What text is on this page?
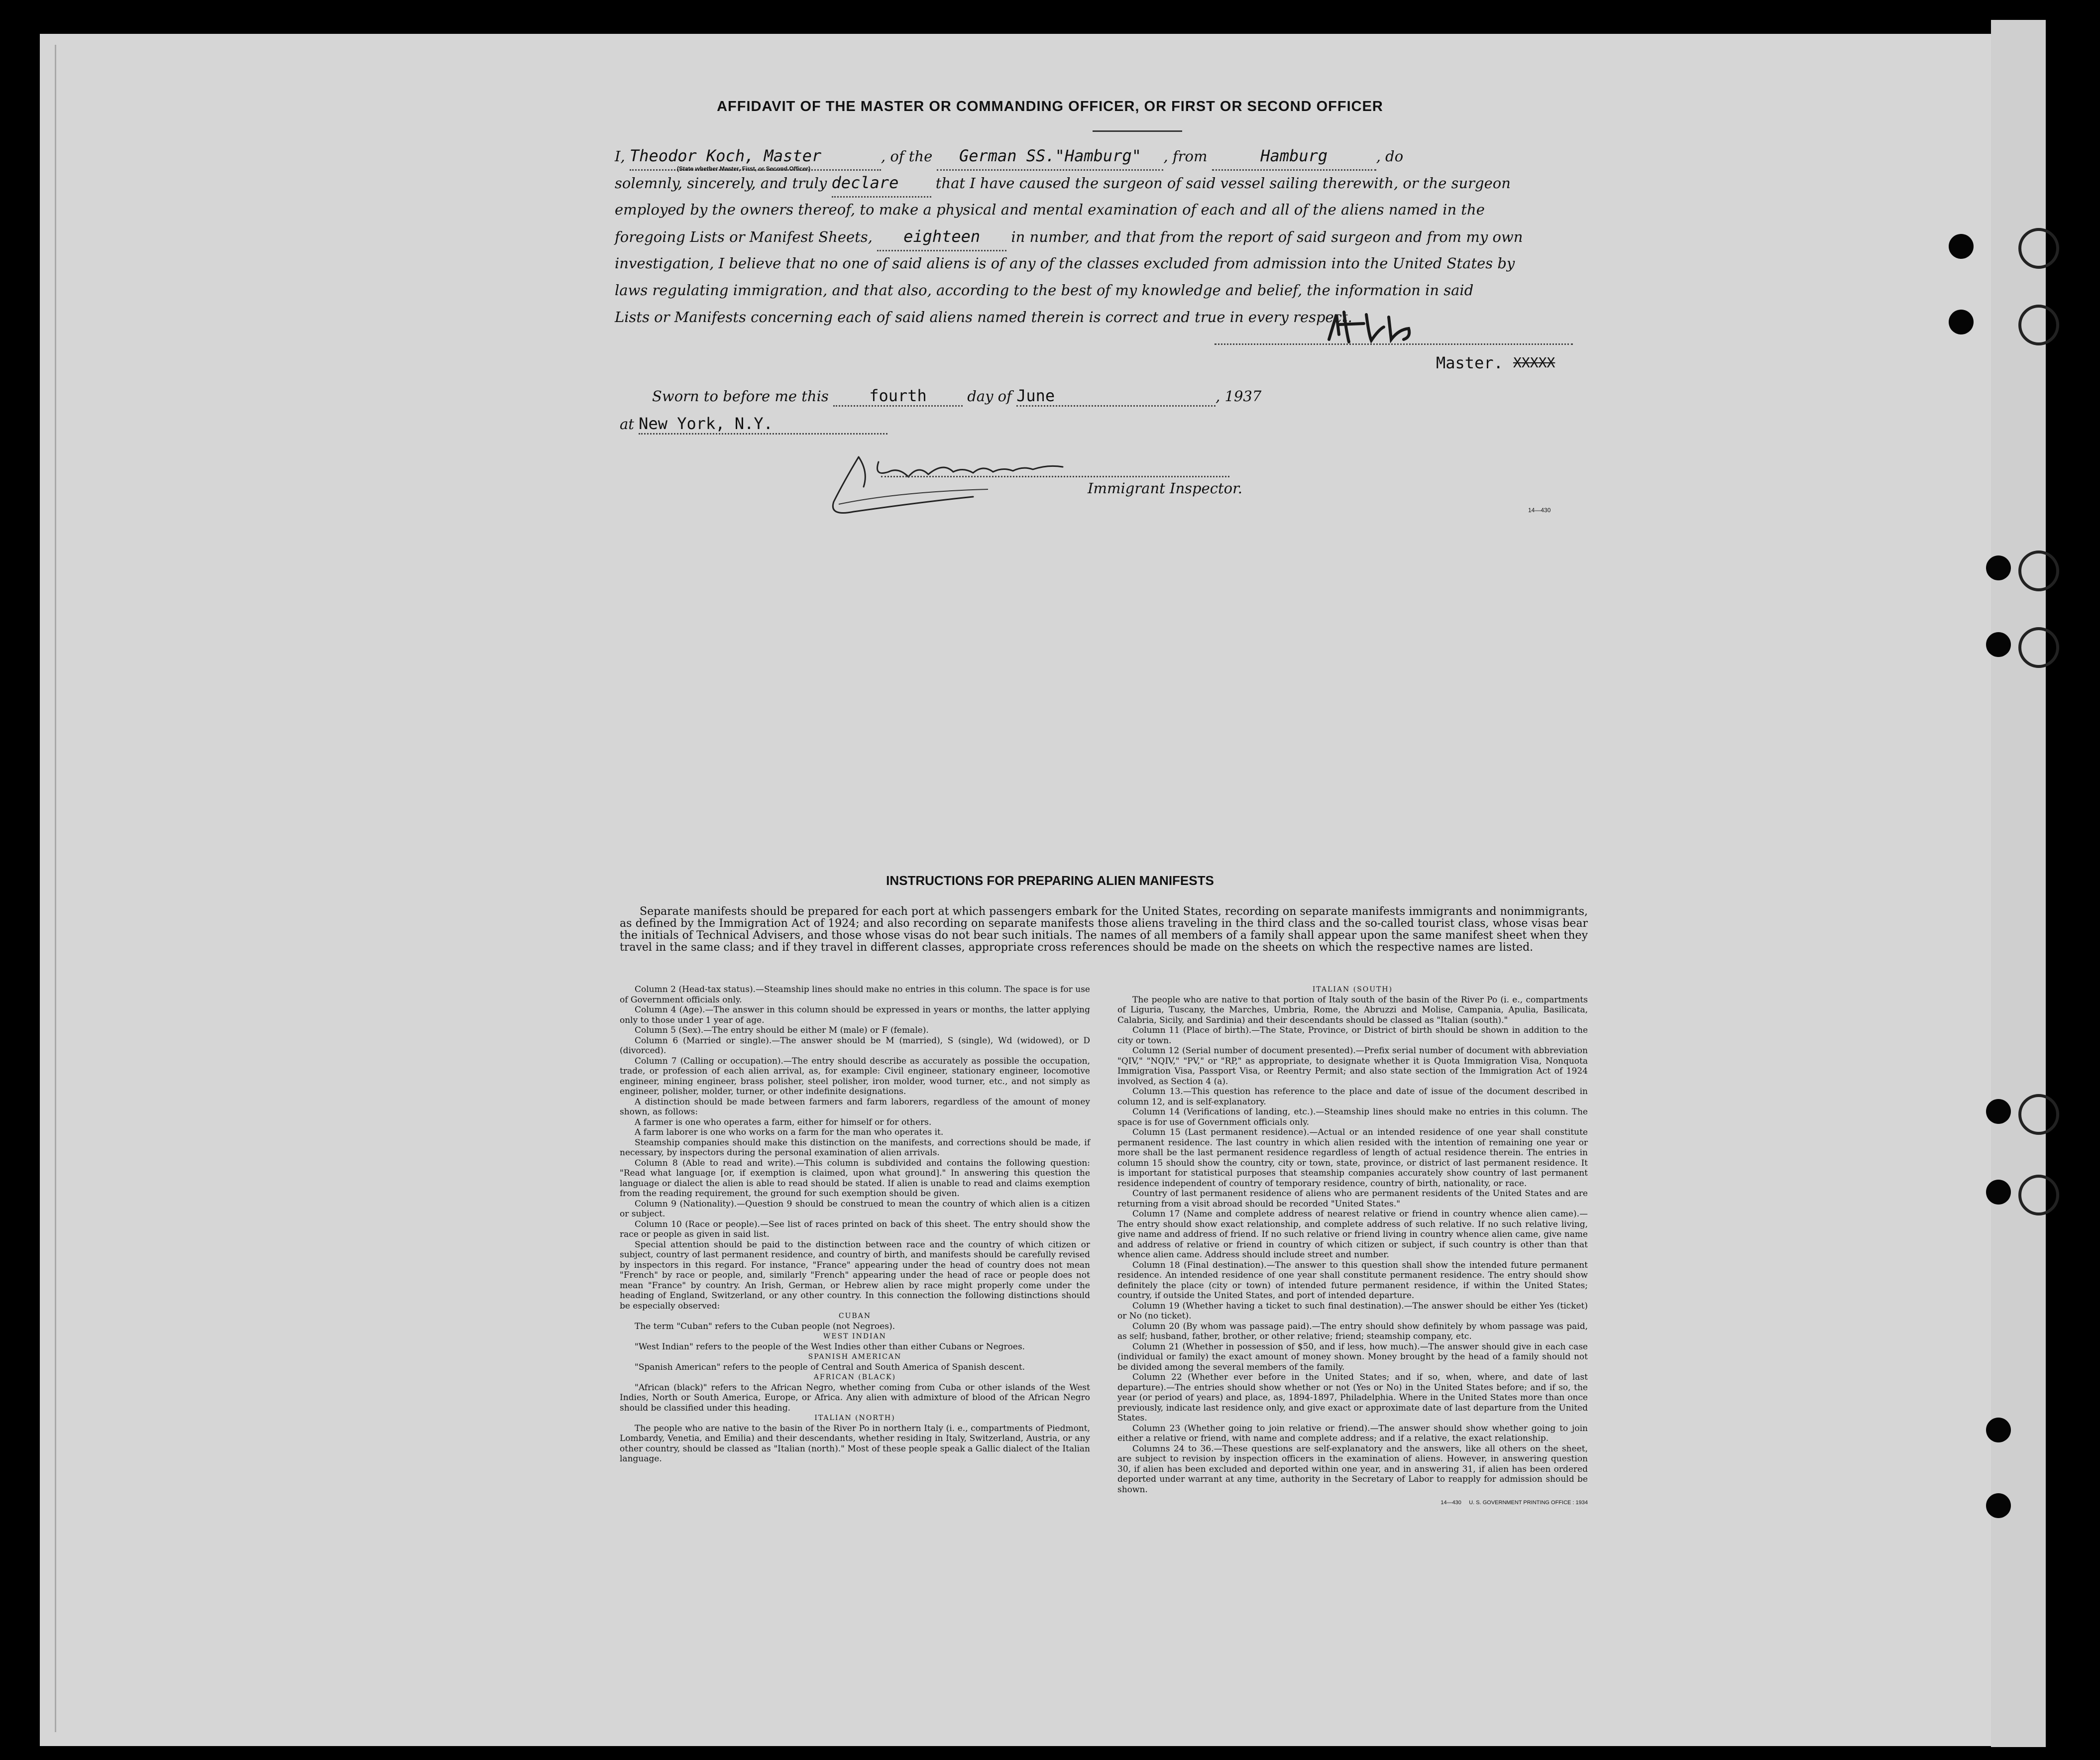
AFFIDAVIT OF THE MASTER OR COMMANDING OFFICER, OR FIRST OR SECOND OFFICER
I, Theodor Koch, Master	, of the German SS."Hamburg" , from	Hamburg	, do
(State whether Master, First, or Second Officer)
solemnly, sincerely, and truly declare	that I have caused the surgeon of said vessel sailing therewith, or the surgeon
employed by the owners thereof, to make a physical and mental examination of each and all of the aliens named in the
foregoing Lists or Manifest Sheets, eighteen in number, and that from the report of said surgeon and from my own
investigation, I believe that no one of said aliens is of any of the classes excluded from admission into the United States by
laws regulating immigration, and that also, according to the best of my knowledge and belief, the information in said
Lists or Manifests concerning each of said aliens named therein is correct and true in every respect.
Master. XXXXX
Sworn to before me this	fourth	day of June	, 1937
at New York, N.Y.
Immigrant Inspector.
14—430
INSTRUCTIONS FOR PREPARING ALIEN MANIFESTS
Separate manifests should be prepared for each port at which passengers embark for the United States, recording on separate manifests immigrants and nonimmigrants, as defined by the Immigration Act of 1924; and also recording on separate manifests those aliens traveling in the third class and the so-called tourist class, whose visas bear the initials of Technical Advisers, and those whose visas do not bear such initials. The names of all members of a family shall appear upon the same manifest sheet when they travel in the same class; and if they travel in different classes, appropriate cross references should be made on the sheets on which the respective names are listed.

Column 2 (Head-tax status).—Steamship lines should make no entries in this column. The space is for use of Government officials only.

Column 4 (Age).—The answer in this column should be expressed in years or months, the latter applying only to those under 1 year of age.

Column 5 (Sex).—The entry should be either M (male) or F (female).

Column 6 (Married or single).—The answer should be M (married), S (single), Wd (widowed), or D (divorced).

Column 7 (Calling or occupation).—The entry should describe as accurately as possible the occupation, trade, or profession of each alien arrival, as, for example: Civil engineer, stationary engineer, locomotive engineer, mining engineer, brass polisher, steel polisher, iron molder, wood turner, etc., and not simply as engineer, polisher, molder, turner, or other indefinite designations.

A distinction should be made between farmers and farm laborers, regardless of the amount of money shown, as follows:

A farmer is one who operates a farm, either for himself or for others.

A farm laborer is one who works on a farm for the man who operates it.

Steamship companies should make this distinction on the manifests, and corrections should be made, if necessary, by inspectors during the personal examination of alien arrivals.

Column 8 (Able to read and write).—This column is subdivided and contains the following question: "Read what language [or, if exemption is claimed, upon what ground]." In answering this question the language or dialect the alien is able to read should be stated. If alien is unable to read and claims exemption from the reading requirement, the ground for such exemption should be given.

Column 9 (Nationality).—Question 9 should be construed to mean the country of which alien is a citizen or subject.

Column 10 (Race or people).—See list of races printed on back of this sheet. The entry should show the race or people as given in said list.

Special attention should be paid to the distinction between race and the country of which citizen or subject, country of last permanent residence, and country of birth, and manifests should be carefully revised by inspectors in this regard. For instance, "France" appearing under the head of country does not mean "French" by race or people, and, similarly "French" appearing under the head of race or people does not mean "France" by country. An Irish, German, or Hebrew alien by race might properly come under the heading of England, Switzerland, or any other country. In this connection the following distinctions should be especially observed:

CUBAN

The term "Cuban" refers to the Cuban people (not Negroes).

WEST INDIAN

"West Indian" refers to the people of the West Indies other than either Cubans or Negroes.

SPANISH AMERICAN

"Spanish American" refers to the people of Central and South America of Spanish descent.

AFRICAN (BLACK)

"African (black)" refers to the African Negro, whether coming from Cuba or other islands of the West Indies, North or South America, Europe, or Africa. Any alien with admixture of blood of the African Negro should be classified under this heading.

ITALIAN (NORTH)

The people who are native to the basin of the River Po in northern Italy (i. e., compartments of Piedmont, Lombardy, Venetia, and Emilia) and their descendants, whether residing in Italy, Switzerland, Austria, or any other country, should be classed as "Italian (north)." Most of these people speak a Gallic dialect of the Italian language.

ITALIAN (SOUTH)

The people who are native to that portion of Italy south of the basin of the River Po (i. e., compartments of Liguria, Tuscany, the Marches, Umbria, Rome, the Abruzzi and Molise, Campania, Apulia, Basilicata, Calabria, Sicily, and Sardinia) and their descendants should be classed as "Italian (south)."

Column 11 (Place of birth).—The State, Province, or District of birth should be shown in addition to the city or town.

Column 12 (Serial number of document presented).—Prefix serial number of document with abbreviation "QIV," "NQIV," "PV," or "RP," as appropriate, to designate whether it is Quota Immigration Visa, Nonquota Immigration Visa, Passport Visa, or Reentry Permit; and also state section of the Immigration Act of 1924 involved, as Section 4 (a).

Column 13.—This question has reference to the place and date of issue of the document described in column 12, and is self-explanatory.

Column 14 (Verifications of landing, etc.).—Steamship lines should make no entries in this column. The space is for use of Government officials only.

Column 15 (Last permanent residence).—Actual or an intended residence of one year shall constitute permanent residence. The last country in which alien resided with the intention of remaining one year or more shall be the last permanent residence regardless of length of actual residence therein. The entries in column 15 should show the country, city or town, state, province, or district of last permanent residence. It is important for statistical purposes that steamship companies accurately show country of last permanent residence independent of country of temporary residence, country of birth, nationality, or race.

Country of last permanent residence of aliens who are permanent residents of the United States and are returning from a visit abroad should be recorded "United States."

Column 17 (Name and complete address of nearest relative or friend in country whence alien came).—The entry should show exact relationship, and complete address of such relative. If no such relative living, give name and address of friend. If no such relative or friend living in country whence alien came, give name and address of relative or friend in country of which citizen or subject, if such country is other than that whence alien came. Address should include street and number.

Column 18 (Final destination).—The answer to this question shall show the intended future permanent residence. An intended residence of one year shall constitute permanent residence. The entry should show definitely the place (city or town) of intended future permanent residence, if within the United States; country, if outside the United States, and port of intended departure.

Column 19 (Whether having a ticket to such final destination).—The answer should be either Yes (ticket) or No (no ticket).

Column 20 (By whom was passage paid).—The entry should show definitely by whom passage was paid, as self; husband, father, brother, or other relative; friend; steamship company, etc.

Column 21 (Whether in possession of $50, and if less, how much).—The answer should give in each case (individual or family) the exact amount of money shown. Money brought by the head of a family should not be divided among the several members of the family.

Column 22 (Whether ever before in the United States; and if so, when, where, and date of last departure).—The entries should show whether or not (Yes or No) in the United States before; and if so, the year (or period of years) and place, as, 1894-1897, Philadelphia. Where in the United States more than once previously, indicate last residence only, and give exact or approximate date of last departure from the United States.

Column 23 (Whether going to join relative or friend).—The answer should show whether going to join either a relative or friend, with name and complete address; and if a relative, the exact relationship.

Columns 24 to 36.—These questions are self-explanatory and the answers, like all others on the sheet, are subject to revision by inspection officers in the examination of aliens. However, in answering question 30, if alien has been excluded and deported within one year, and in answering 31, if alien has been ordered deported under warrant at any time, authority in the Secretary of Labor to reapply for admission should be shown.

14—430 U. S. GOVERNMENT PRINTING OFFICE : 1934
